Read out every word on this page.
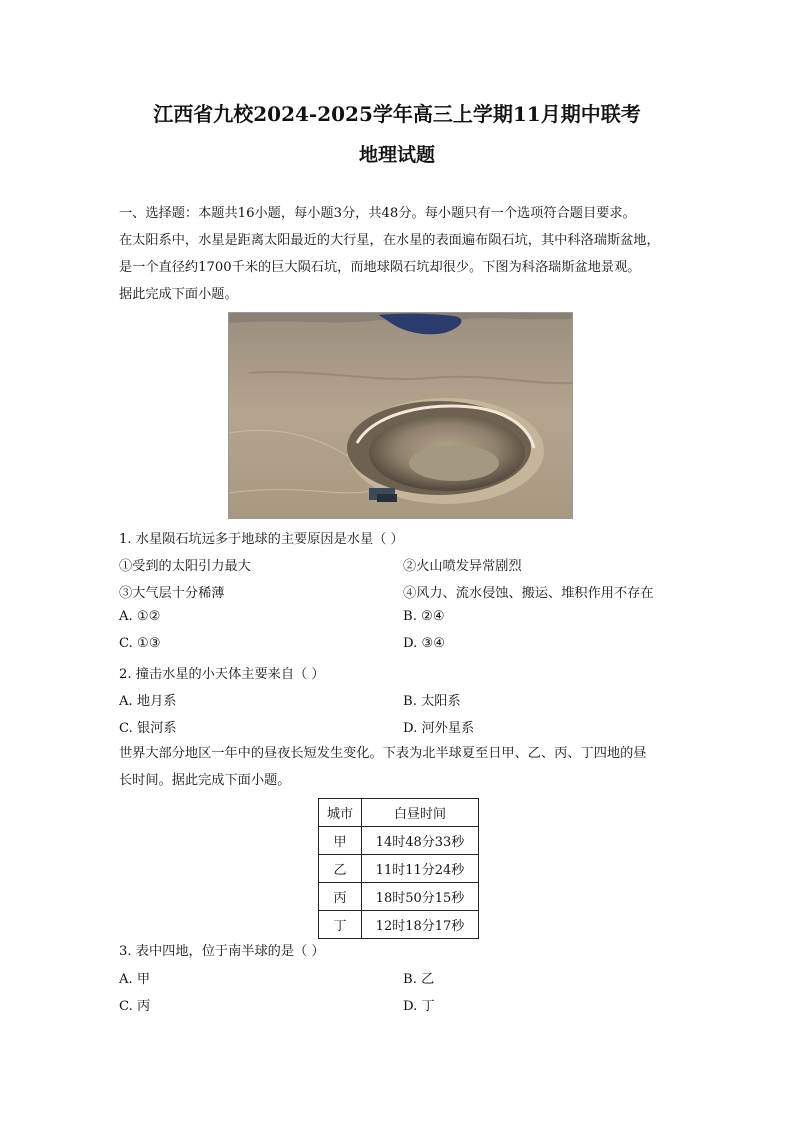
江西省九校2024-2025学年高三上学期11月期中联考
地理试题
一、选择题：本题共16小题，每小题3分，共48分。每小题只有一个选项符合题目要求。
在太阳系中，水星是距离太阳最近的大行星，在水星的表面遍布陨石坑，其中科洛瑞斯盆地，
是一个直径约1700千米的巨大陨石坑，而地球陨石坑却很少。下图为科洛瑞斯盆地景观。
据此完成下面小题。
1. 水星陨石坑远多于地球的主要原因是水星（ ）
①受到的太阳引力最大	②火山喷发异常剧烈
③大气层十分稀薄	④风力、流水侵蚀、搬运、堆积作用不存在
A. ①②	B. ②④
C. ①③	D. ③④
2. 撞击水星的小天体主要来自（ ）
A. 地月系	B. 太阳系
C. 银河系	D. 河外星系
世界大部分地区一年中的昼夜长短发生变化。下表为北半球夏至日甲、乙、丙、丁四地的昼
长时间。据此完成下面小题。
城市	白昼时间
甲	14时48分33秒
乙	11时11分24秒
丙	18时50分15秒
丁	12时18分17秒
3. 表中四地，位于南半球的是（ ）
A. 甲	B. 乙
C. 丙	D. 丁
